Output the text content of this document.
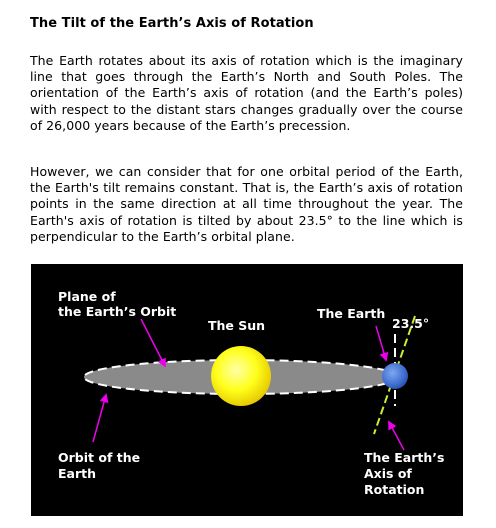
The Tilt of the Earth’s Axis of Rotation

The Earth rotates about its axis of rotation which is the imaginary line that goes through the Earth’s North and South Poles. The orientation of the Earth’s axis of rotation (and the Earth’s poles) with respect to the distant stars changes gradually over the course of 26,000 years because of the Earth’s precession.

However, we can consider that for one orbital period of the Earth, the Earth's tilt remains constant. That is, the Earth’s axis of rotation points in the same direction at all time throughout the year. The Earth's axis of rotation is tilted by about 23.5° to the line which is perpendicular to the Earth’s orbital plane.

Plane of
the Earth’s Orbit
The Sun
The Earth
23.5°
Orbit of the
Earth
The Earth’s
Axis of
Rotation
